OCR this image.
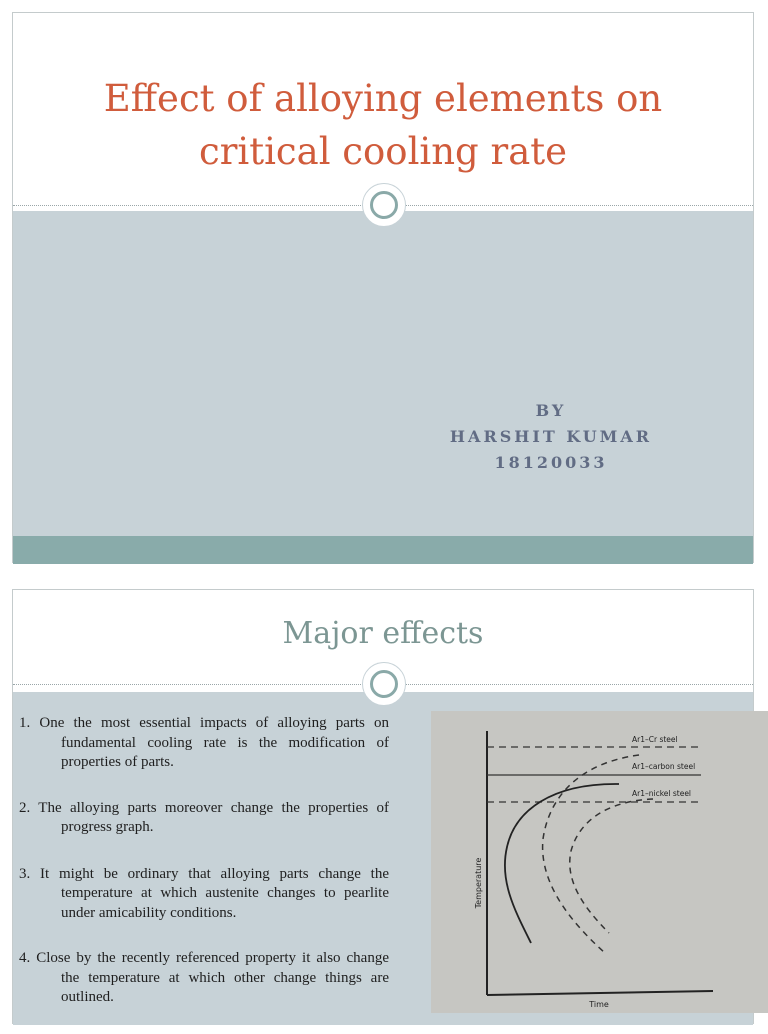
Effect of alloying elements on
critical cooling rate
BY
HARSHIT KUMAR
18120033
Major effects
1. One the most essential impacts of alloying parts on fundamental cooling rate is the modification of properties of parts.
2. The alloying parts moreover change the properties of progress graph.
3. It might be ordinary that alloying parts change the temperature at which austenite changes to pearlite under amicability conditions.
4. Close by the recently referenced property it also change the temperature at which other change things are outlined.
Ar1–Cr steel
Ar1–carbon steel
Ar1–nickel steel
Temperature
Time
